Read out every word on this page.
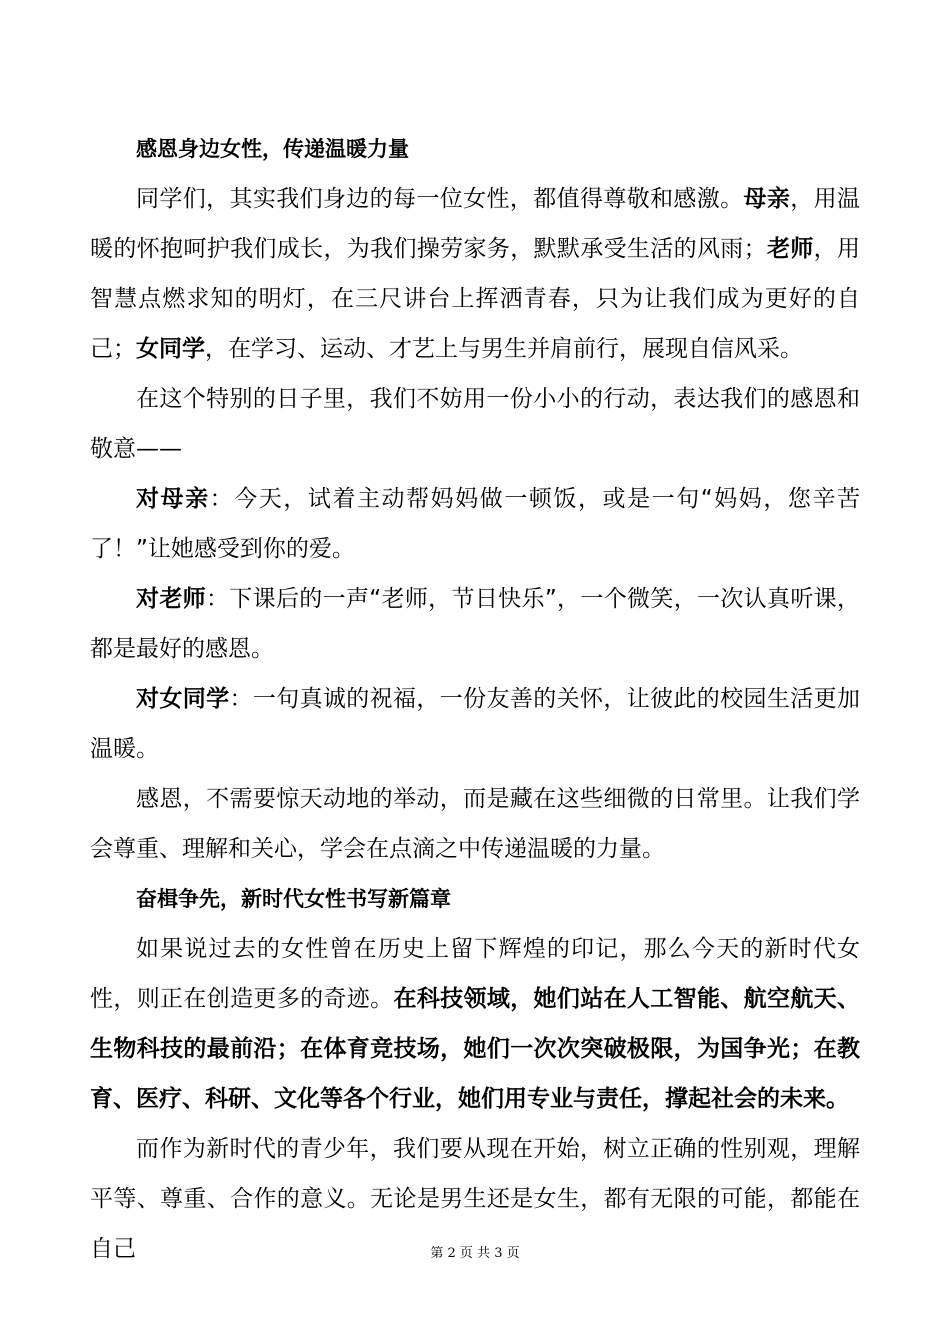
感恩身边女性，传递温暖力量

同学们，其实我们身边的每一位女性，都值得尊敬和感激。母亲，用温暖的怀抱呵护我们成长，为我们操劳家务，默默承受生活的风雨；老师，用智慧点燃求知的明灯，在三尺讲台上挥洒青春，只为让我们成为更好的自己；女同学，在学习、运动、才艺上与男生并肩前行，展现自信风采。

在这个特别的日子里，我们不妨用一份小小的行动，表达我们的感恩和敬意——

对母亲：今天，试着主动帮妈妈做一顿饭，或是一句“妈妈，您辛苦了！”让她感受到你的爱。

对老师：下课后的一声“老师，节日快乐”，一个微笑，一次认真听课，都是最好的感恩。

对女同学：一句真诚的祝福，一份友善的关怀，让彼此的校园生活更加温暖。

感恩，不需要惊天动地的举动，而是藏在这些细微的日常里。让我们学会尊重、理解和关心，学会在点滴之中传递温暖的力量。

奋楫争先，新时代女性书写新篇章

如果说过去的女性曾在历史上留下辉煌的印记，那么今天的新时代女性，则正在创造更多的奇迹。在科技领域，她们站在人工智能、航空航天、生物科技的最前沿；在体育竞技场，她们一次次突破极限，为国争光；在教育、医疗、科研、文化等各个行业，她们用专业与责任，撑起社会的未来。

而作为新时代的青少年，我们要从现在开始，树立正确的性别观，理解平等、尊重、合作的意义。无论是男生还是女生，都有无限的可能，都能在自己	第 2 页 共 3 页
